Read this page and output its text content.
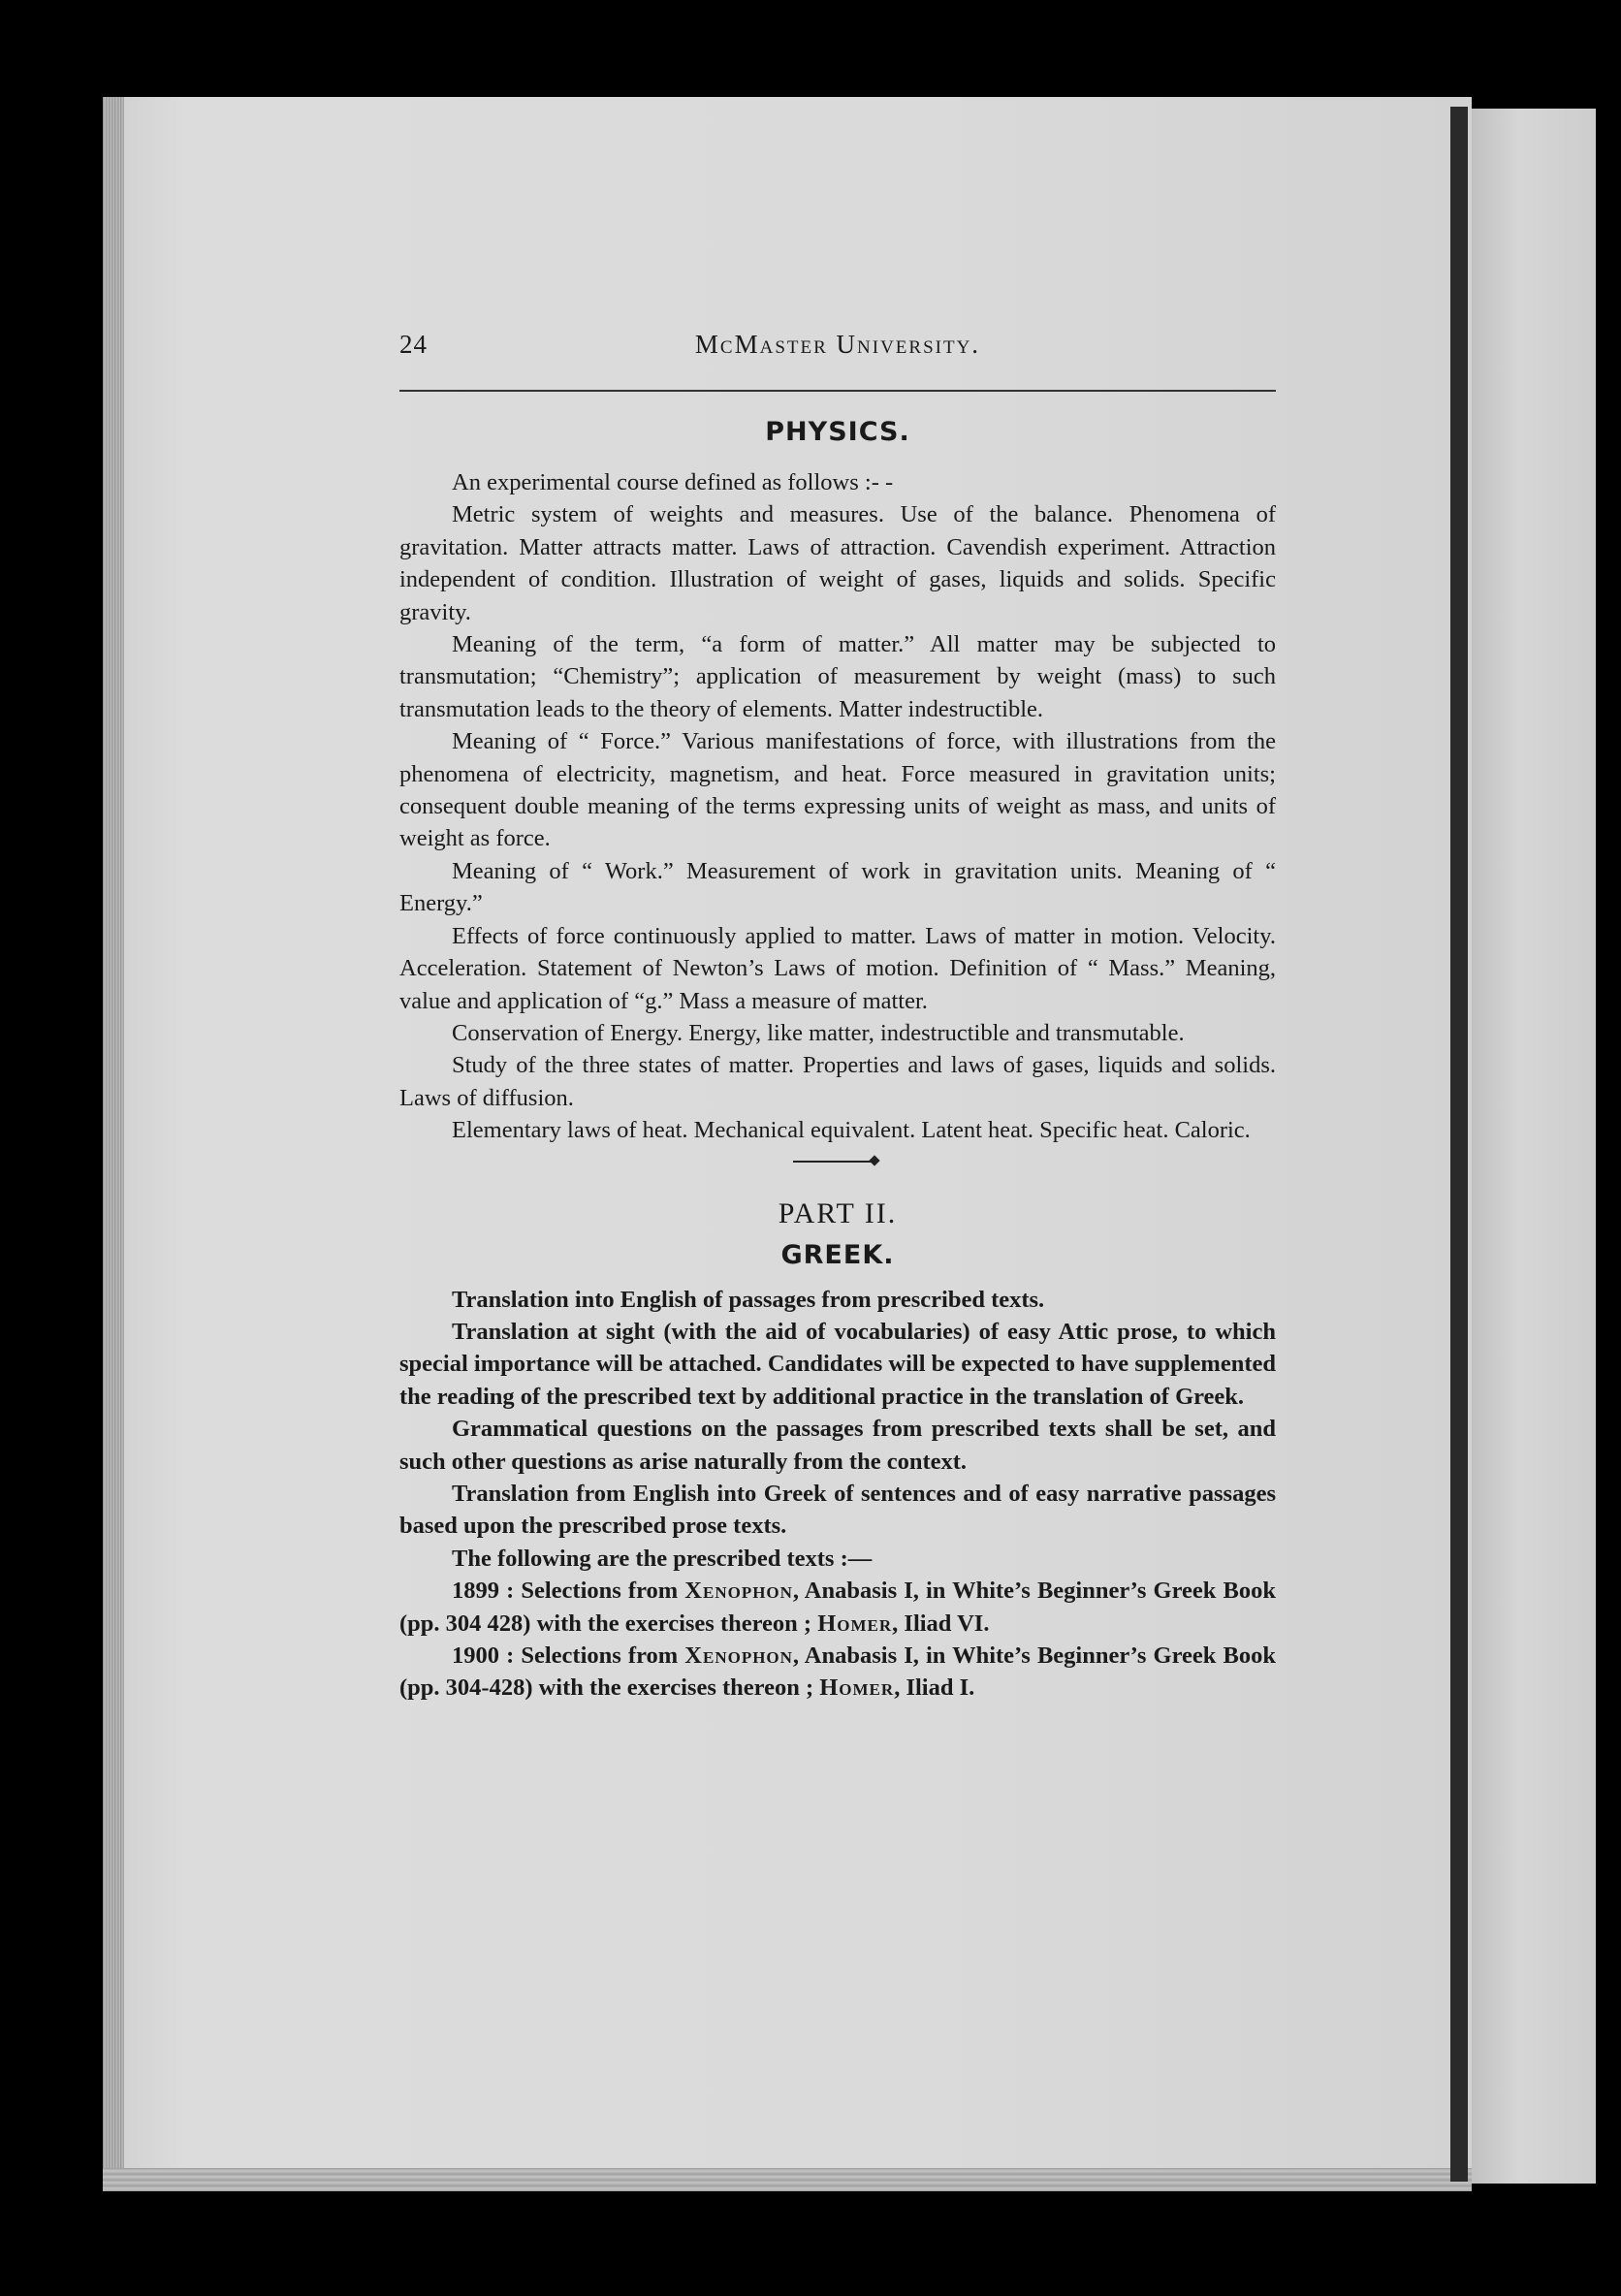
24	McMaster University.
PHYSICS.

An experimental course defined as follows :- -

Metric system of weights and measures. Use of the balance. Phenomena of gravitation. Matter attracts matter. Laws of attraction. Cavendish experiment. Attraction independent of condition. Illustration of weight of gases, liquids and solids. Specific gravity.

Meaning of the term, “a form of matter.” All matter may be subjected to transmutation; “Chemistry”; application of measurement by weight (mass) to such transmutation leads to the theory of elements. Matter indestructible.

Meaning of “ Force.” Various manifestations of force, with illustrations from the phenomena of electricity, magnetism, and heat. Force measured in gravitation units; consequent double meaning of the terms expressing units of weight as mass, and units of weight as force.

Meaning of “ Work.” Measurement of work in gravitation units. Meaning of “ Energy.”

Effects of force continuously applied to matter. Laws of matter in motion. Velocity. Acceleration. Statement of Newton’s Laws of motion. Definition of “ Mass.” Meaning, value and application of “g.” Mass a measure of matter.

Conservation of Energy. Energy, like matter, indestructible and transmutable.

Study of the three states of matter. Properties and laws of gases, liquids and solids. Laws of diffusion.

Elementary laws of heat. Mechanical equivalent. Latent heat. Specific heat. Caloric.

PART II.
GREEK.

Translation into English of passages from prescribed texts.

Translation at sight (with the aid of vocabularies) of easy Attic prose, to which special importance will be attached. Candidates will be expected to have supplemented the reading of the prescribed text by additional practice in the translation of Greek.

Grammatical questions on the passages from prescribed texts shall be set, and such other questions as arise naturally from the context.

Translation from English into Greek of sentences and of easy narrative passages based upon the prescribed prose texts.

The following are the prescribed texts :—

1899 : Selections from Xenophon, Anabasis I, in White’s Beginner’s Greek Book (pp. 304 428) with the exercises thereon ; Homer, Iliad VI.

1900 : Selections from Xenophon, Anabasis I, in White’s Beginner’s Greek Book (pp. 304-428) with the exercises thereon ; Homer, Iliad I.
